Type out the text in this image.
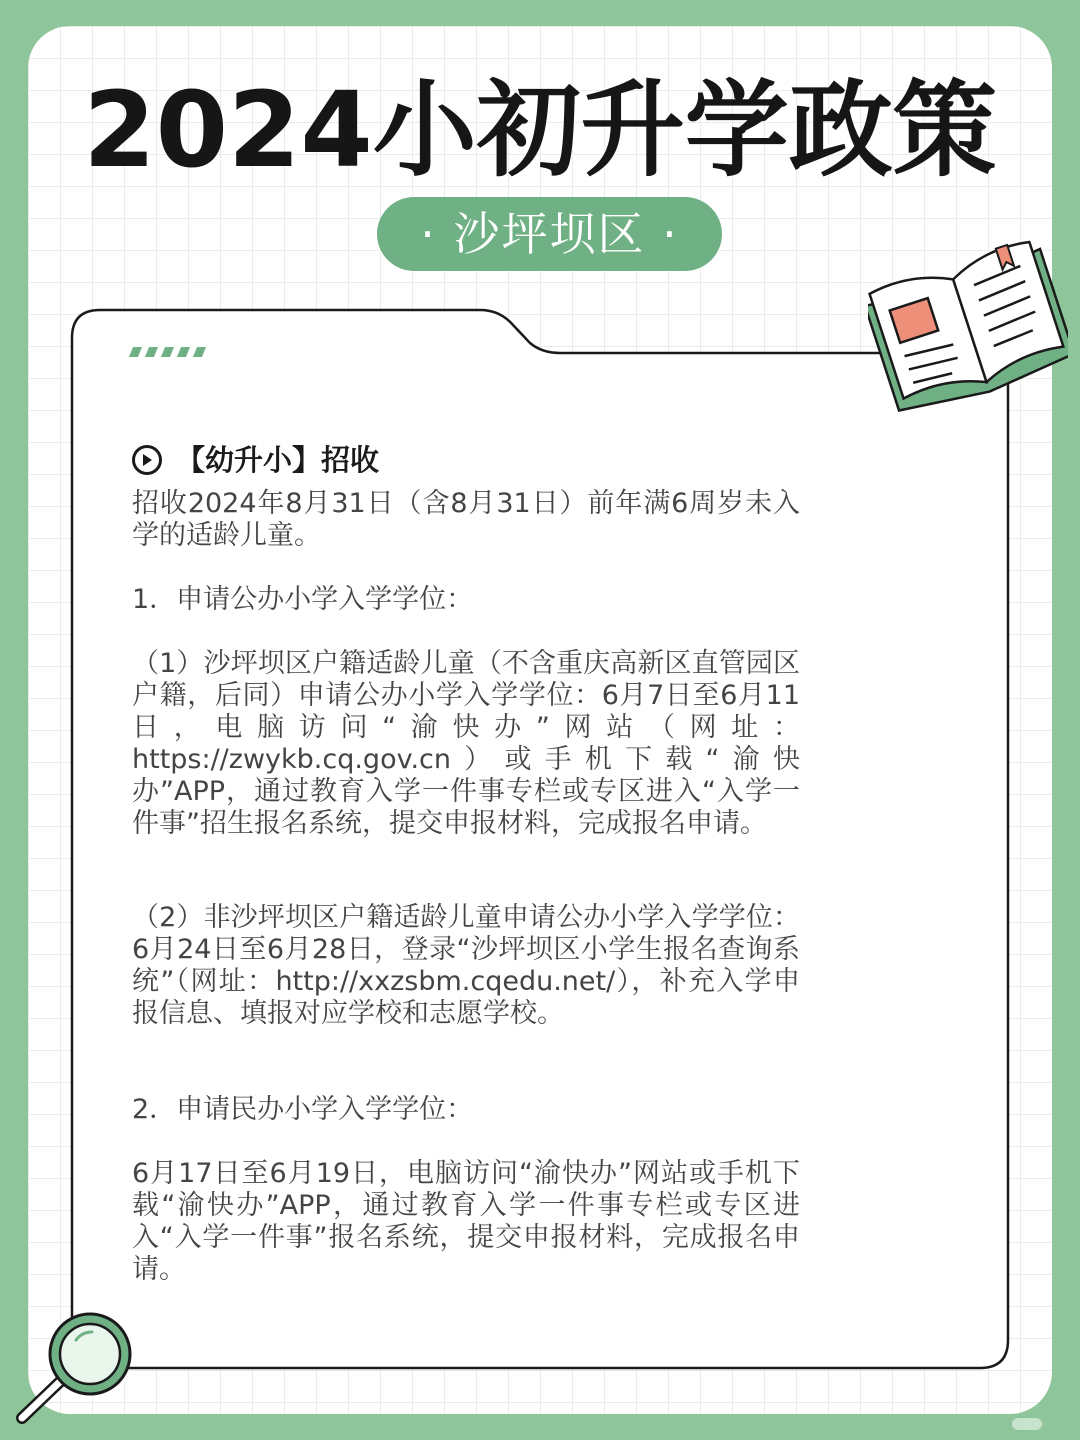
2024小初升学政策
· 沙坪坝区 ·
【幼升小】招收

招收2024年8月31日（含8月31日）前年满6周岁未入学的适龄儿童。

1．申请公办小学入学学位：

（1）沙坪坝区户籍适龄儿童（不含重庆高新区直管园区户籍，后同）申请公办小学入学学位：6月7日至6月11日，电脑访问“渝快办”网站（网址：https://zwykb.cq.gov.cn）或手机下载“渝快办”APP，通过教育入学一件事专栏或专区进入“入学一件事”招生报名系统，提交申报材料，完成报名申请。

（2）非沙坪坝区户籍适龄儿童申请公办小学入学学位：6月24日至6月28日，登录“沙坪坝区小学生报名查询系统”（网址：http://xxzsbm.cqedu.net/），补充入学申报信息、填报对应学校和志愿学校。

2．申请民办小学入学学位：

6月17日至6月19日，电脑访问“渝快办”网站或手机下载“渝快办”APP，通过教育入学一件事专栏或专区进入“入学一件事”报名系统，提交申报材料，完成报名申请。
